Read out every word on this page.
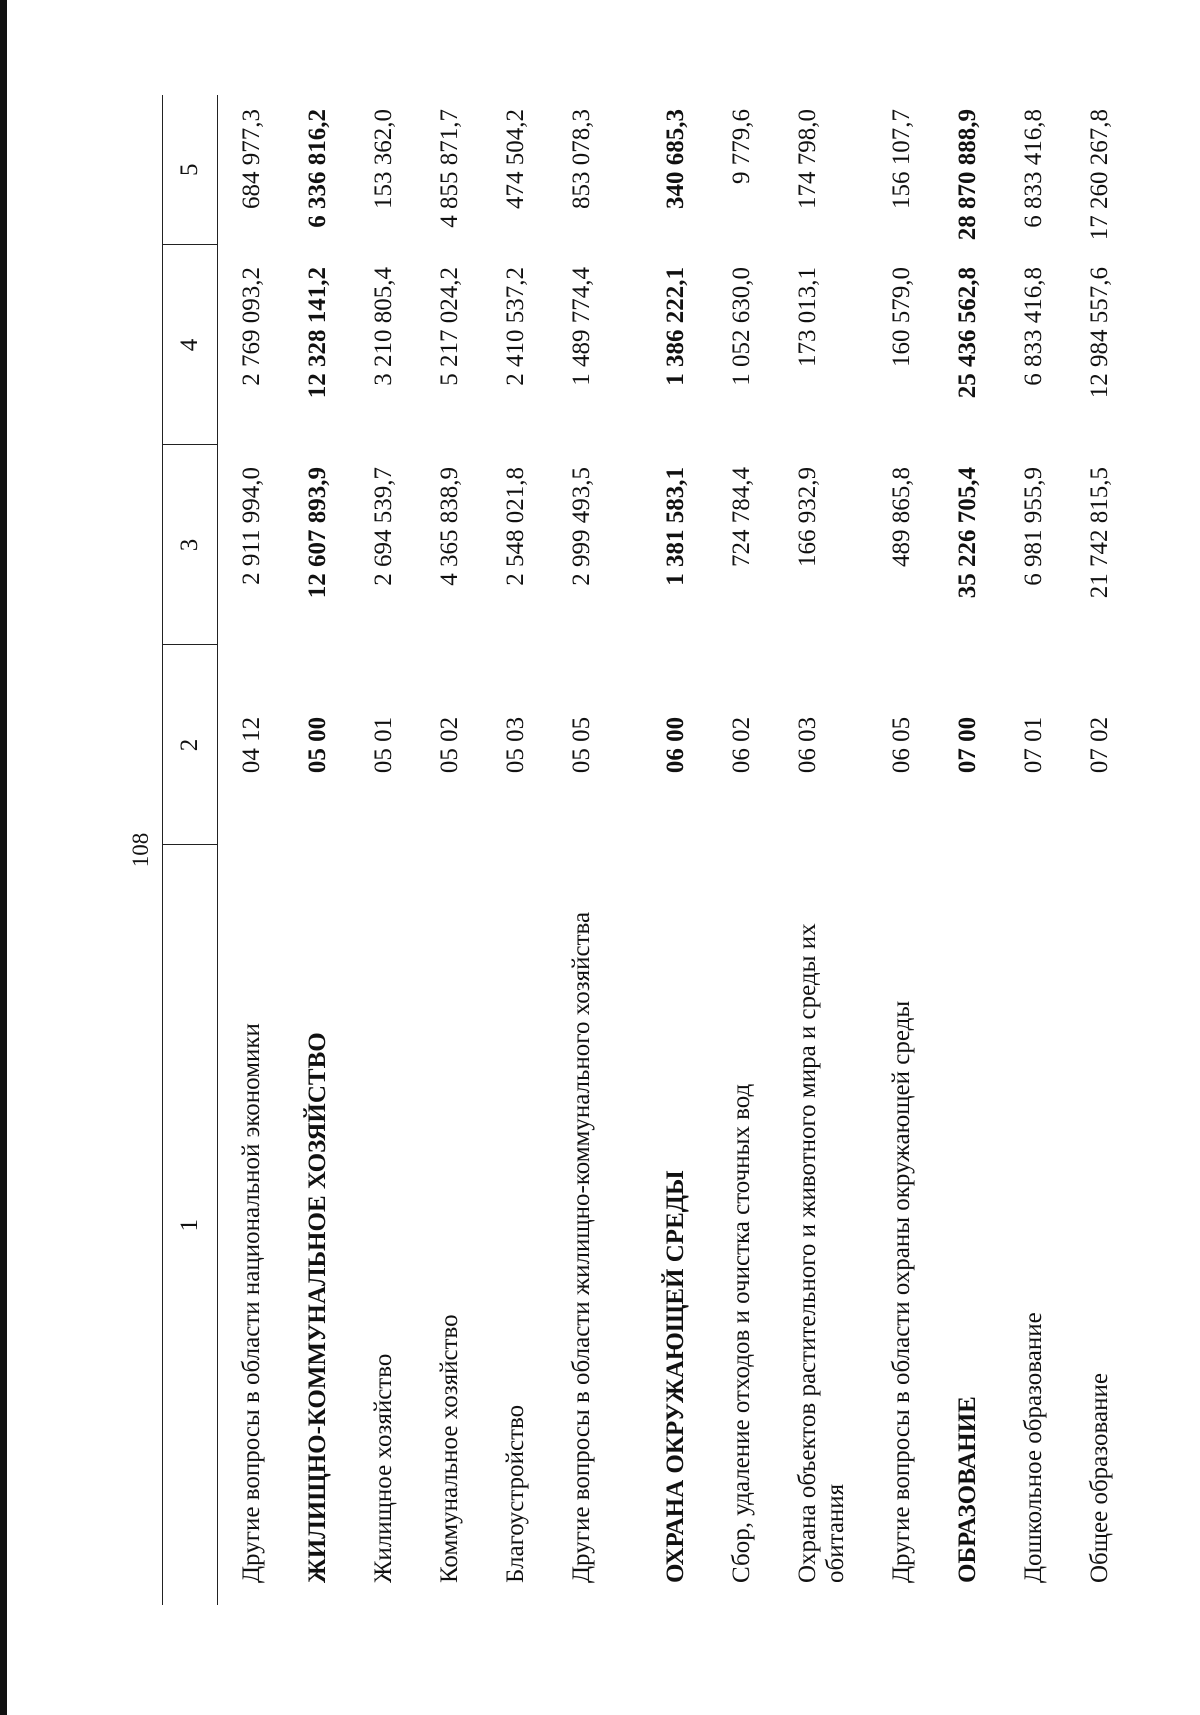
108
1	2	3	4	5
Другие вопросы в области национальной экономики	04 12	2 911 994,0	2 769 093,2	684 977,3
ЖИЛИЩНО-КОММУНАЛЬНОЕ ХОЗЯЙСТВО	05 00	12 607 893,9	12 328 141,2	6 336 816,2
Жилищное хозяйство	05 01	2 694 539,7	3 210 805,4	153 362,0
Коммунальное хозяйство	05 02	4 365 838,9	5 217 024,2	4 855 871,7
Благоустройство	05 03	2 548 021,8	2 410 537,2	474 504,2
Другие вопросы в области жилищно-коммунального хозяйства	05 05	2 999 493,5	1 489 774,4	853 078,3
ОХРАНА ОКРУЖАЮЩЕЙ СРЕДЫ	06 00	1 381 583,1	1 386 222,1	340 685,3
Сбор, удаление отходов и очистка сточных вод	06 02	724 784,4	1 052 630,0	9 779,6
Охрана объектов растительного и животного мира и среды их обитания	06 03	166 932,9	173 013,1	174 798,0
Другие вопросы в области охраны окружающей среды	06 05	489 865,8	160 579,0	156 107,7
ОБРАЗОВАНИЕ	07 00	35 226 705,4	25 436 562,8	28 870 888,9
Дошкольное образование	07 01	6 981 955,9	6 833 416,8	6 833 416,8
Общее образование	07 02	21 742 815,5	12 984 557,6	17 260 267,8
